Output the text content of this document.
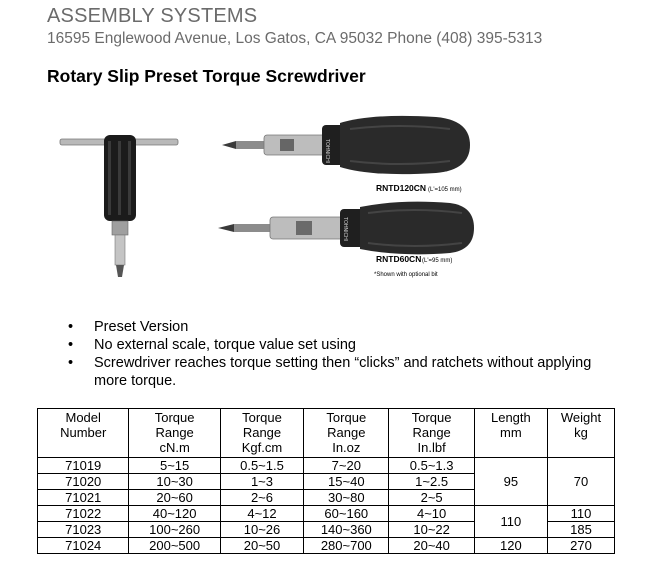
ASSEMBLY SYSTEMS
16595 Englewood Avenue, Los Gatos, CA 95032 Phone (408) 395-5313
Rotary Slip Preset Torque Screwdriver
TOHNICHI
RNTD120CN (L'=105 mm)
TOHNICHI
RNTD60CN (L'=95 mm)
*Shown with optional bit
• Preset Version
• No external scale, torque value set using
• Screwdriver reaches torque setting then “clicks” and ratchets without applying more torque.
Model
Number	Torque
Range
cN.m	Torque
Range
Kgf.cm	Torque
Range
In.oz	Torque
Range
In.lbf	Length
mm	Weight
kg

71019	5~15	0.5~1.5	7~20	0.5~1.3	95	70
71020	10~30	1~3	15~40	1~2.5		
71021	20~60	2~6	30~80	2~5		
71022	40~120	4~12	60~160	4~10	110	110
71023	100~260	10~26	140~360	10~22		185
71024	200~500	20~50	280~700	20~40	120	270
